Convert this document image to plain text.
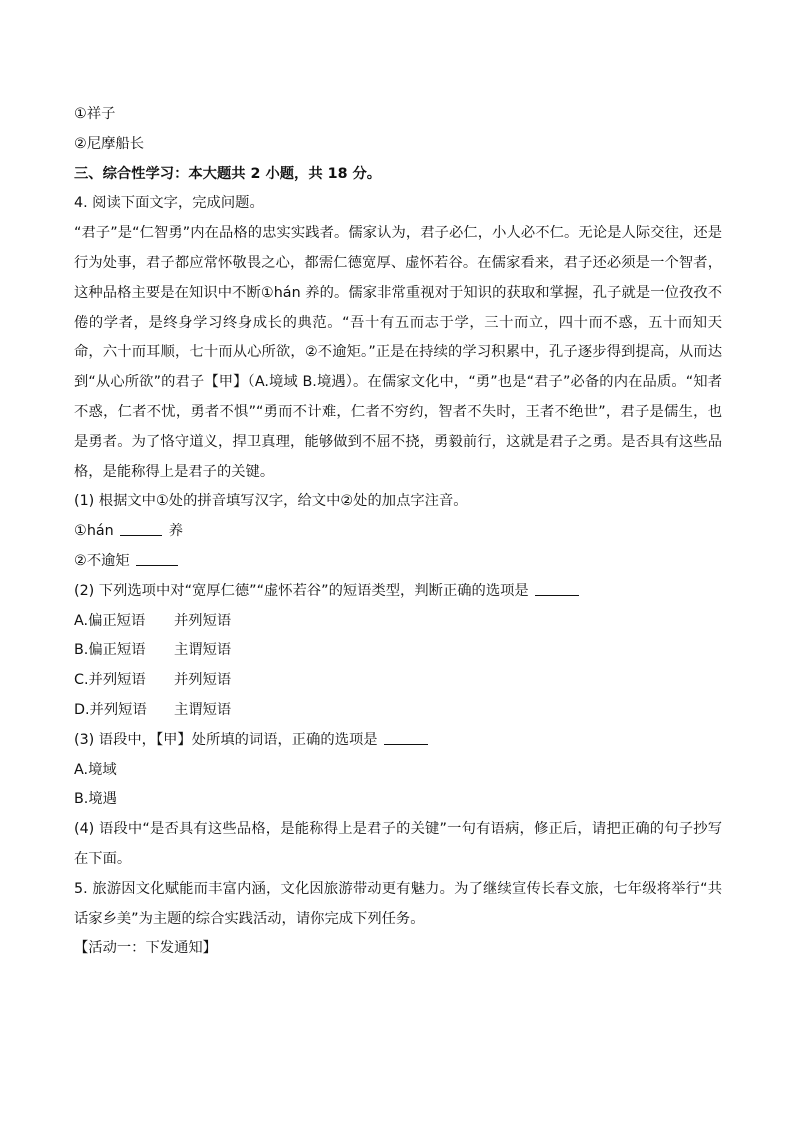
①祥子
②尼摩船长
三、综合性学习：本大题共 2 小题，共 18 分。
4. 阅读下面文字，完成问题。
“君子”是“仁智勇”内在品格的忠实实践者。儒家认为，君子必仁，小人必不仁。无论是人际交往，还是行为处事，君子都应常怀敬畏之心，都需仁德宽厚、虚怀若谷。在儒家看来，君子还必须是一个智者，这种品格主要是在知识中不断①hán 养的。儒家非常重视对于知识的获取和掌握，孔子就是一位孜孜不倦的学者，是终身学习终身成长的典范。“吾十有五而志于学，三十而立，四十而不惑，五十而知天命，六十而耳顺，七十而从心所欲，②不逾矩。”正是在持续的学习积累中，孔子逐步得到提高，从而达到“从心所欲”的君子【甲】（A.境域 B.境遇）。在儒家文化中，“勇”也是“君子”必备的内在品质。“知者不惑，仁者不忧，勇者不惧”“勇而不计难，仁者不穷约，智者不失时，王者不绝世”，君子是儒生，也是勇者。为了恪守道义，捍卫真理，能够做到不屈不挠，勇毅前行，这就是君子之勇。是否具有这些品格，是能称得上是君子的关键。
(1) 根据文中①处的拼音填写汉字，给文中②处的加点字注音。
①hán	养
②不逾矩
(2) 下列选项中对“宽厚仁德”“虚怀若谷”的短语类型，判断正确的选项是
A.偏正短语 并列短语
B.偏正短语 主谓短语
C.并列短语 并列短语
D.并列短语 主谓短语
(3) 语段中，【甲】处所填的词语，正确的选项是
A.境域
B.境遇
(4) 语段中“是否具有这些品格，是能称得上是君子的关键”一句有语病，修正后，请把正确的句子抄写在下面。
5. 旅游因文化赋能而丰富内涵，文化因旅游带动更有魅力。为了继续宣传长春文旅，七年级将举行“共话家乡美”为主题的综合实践活动，请你完成下列任务。
【活动一：下发通知】
